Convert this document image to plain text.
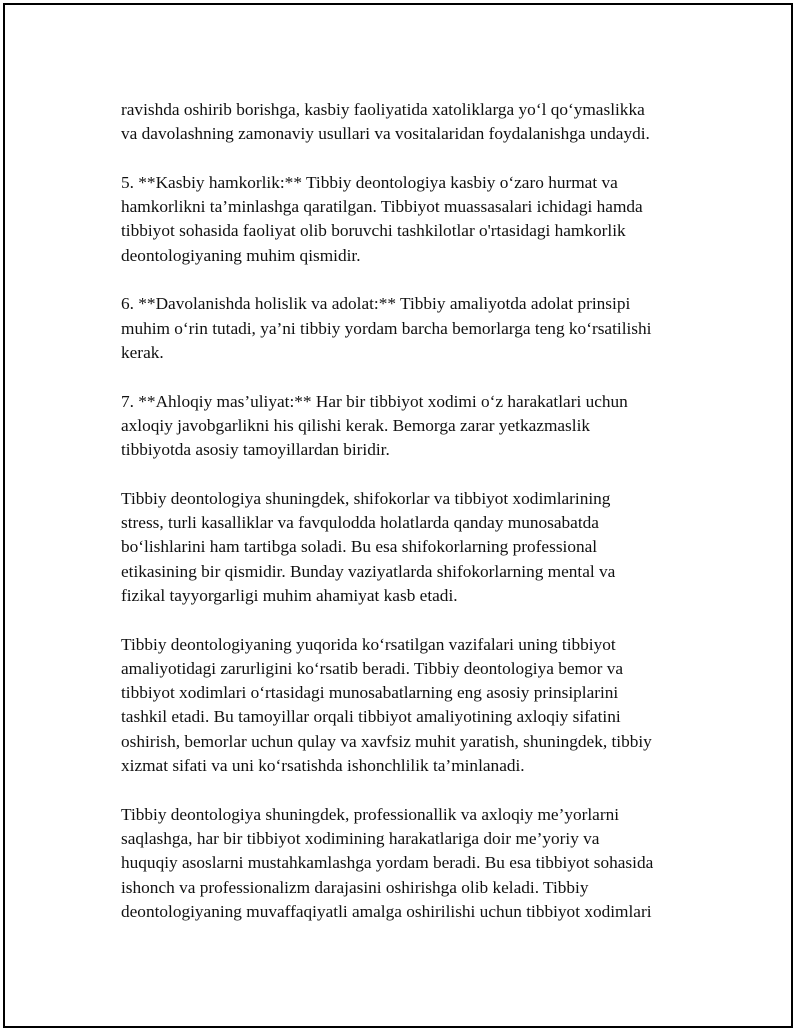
ravishda oshirib borishga, kasbiy faoliyatida xatoliklarga yo‘l qo‘ymaslikka
va davolashning zamonaviy usullari va vositalaridan foydalanishga undaydi.

5. **Kasbiy hamkorlik:** Tibbiy deontologiya kasbiy o‘zaro hurmat va
hamkorlikni ta’minlashga qaratilgan. Tibbiyot muassasalari ichidagi hamda
tibbiyot sohasida faoliyat olib boruvchi tashkilotlar o'rtasidagi hamkorlik
deontologiyaning muhim qismidir.

6. **Davolanishda holislik va adolat:** Tibbiy amaliyotda adolat prinsipi
muhim o‘rin tutadi, ya’ni tibbiy yordam barcha bemorlarga teng ko‘rsatilishi
kerak.

7. **Ahloqiy mas’uliyat:** Har bir tibbiyot xodimi o‘z harakatlari uchun
axloqiy javobgarlikni his qilishi kerak. Bemorga zarar yetkazmaslik
tibbiyotda asosiy tamoyillardan biridir.

Tibbiy deontologiya shuningdek, shifokorlar va tibbiyot xodimlarining
stress, turli kasalliklar va favqulodda holatlarda qanday munosabatda
bo‘lishlarini ham tartibga soladi. Bu esa shifokorlarning professional
etikasining bir qismidir. Bunday vaziyatlarda shifokorlarning mental va
fizikal tayyorgarligi muhim ahamiyat kasb etadi.

Tibbiy deontologiyaning yuqorida ko‘rsatilgan vazifalari uning tibbiyot
amaliyotidagi zarurligini ko‘rsatib beradi. Tibbiy deontologiya bemor va
tibbiyot xodimlari o‘rtasidagi munosabatlarning eng asosiy prinsiplarini
tashkil etadi. Bu tamoyillar orqali tibbiyot amaliyotining axloqiy sifatini
oshirish, bemorlar uchun qulay va xavfsiz muhit yaratish, shuningdek, tibbiy
xizmat sifati va uni ko‘rsatishda ishonchlilik ta’minlanadi.

Tibbiy deontologiya shuningdek, professionallik va axloqiy me’yorlarni
saqlashga, har bir tibbiyot xodimining harakatlariga doir me’yoriy va
huquqiy asoslarni mustahkamlashga yordam beradi. Bu esa tibbiyot sohasida
ishonch va professionalizm darajasini oshirishga olib keladi. Tibbiy
deontologiyaning muvaffaqiyatli amalga oshirilishi uchun tibbiyot xodimlari
